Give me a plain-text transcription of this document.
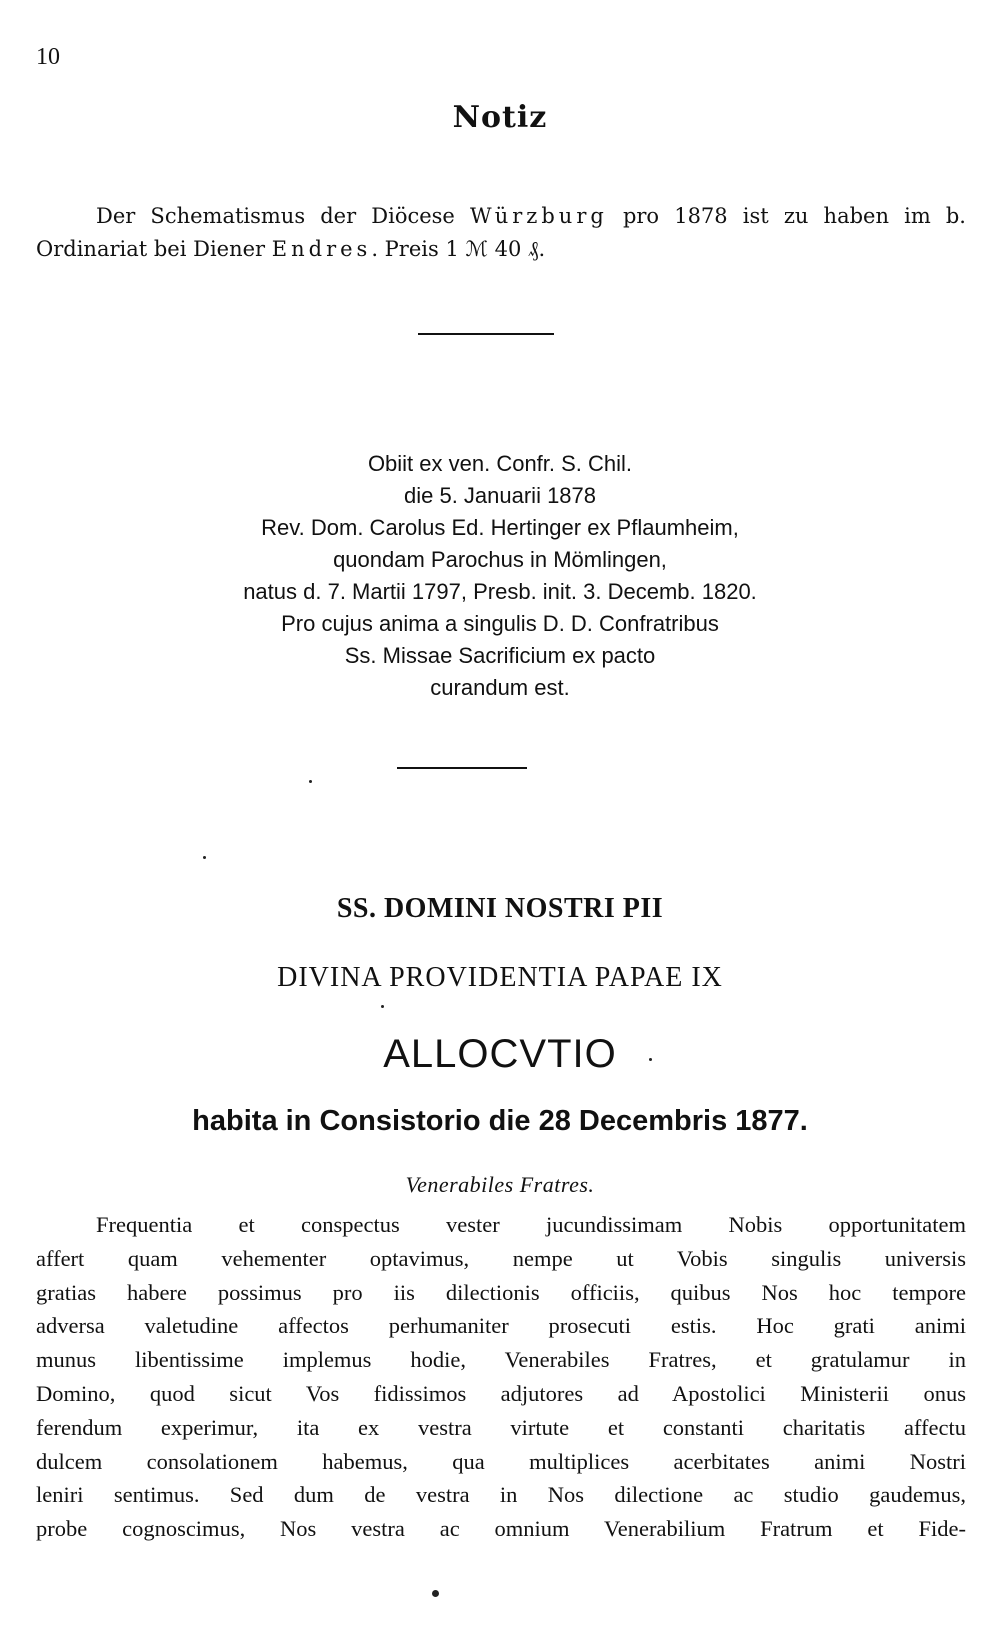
10
Notiz
Der Schematismus der Diöcese Würzburg pro 1878 ist zu haben im b.
Ordinariat bei Diener Endres. Preis 1 ℳ 40 ₰.
Obiit ex ven. Confr. S. Chil.
die 5. Januarii 1878
Rev. Dom. Carolus Ed. Hertinger ex Pflaumheim,
quondam Parochus in Mömlingen,
natus d. 7. Martii 1797, Presb. init. 3. Decemb. 1820.
Pro cujus anima a singulis D. D. Confratribus
Ss. Missae Sacrificium ex pacto
curandum est.
SS. DOMINI NOSTRI PII
DIVINA PROVIDENTIA PAPAE IX
ALLOCVTIO
habita in Consistorio die 28 Decembris 1877.
Venerabiles Fratres.
Frequentia et conspectus vester jucundissimam Nobis opportunitatem
affert quam vehementer optavimus, nempe ut Vobis singulis universis
gratias habere possimus pro iis dilectionis officiis, quibus Nos hoc tempore
adversa valetudine affectos perhumaniter prosecuti estis. Hoc grati animi
munus libentissime implemus hodie, Venerabiles Fratres, et gratulamur in
Domino, quod sicut Vos fidissimos adjutores ad Apostolici Ministerii onus
ferendum experimur, ita ex vestra virtute et constanti charitatis affectu
dulcem consolationem habemus, qua multiplices acerbitates animi Nostri
leniri sentimus. Sed dum de vestra in Nos dilectione ac studio gaudemus,
probe cognoscimus, Nos vestra ac omnium Venerabilium Fratrum et Fide-
